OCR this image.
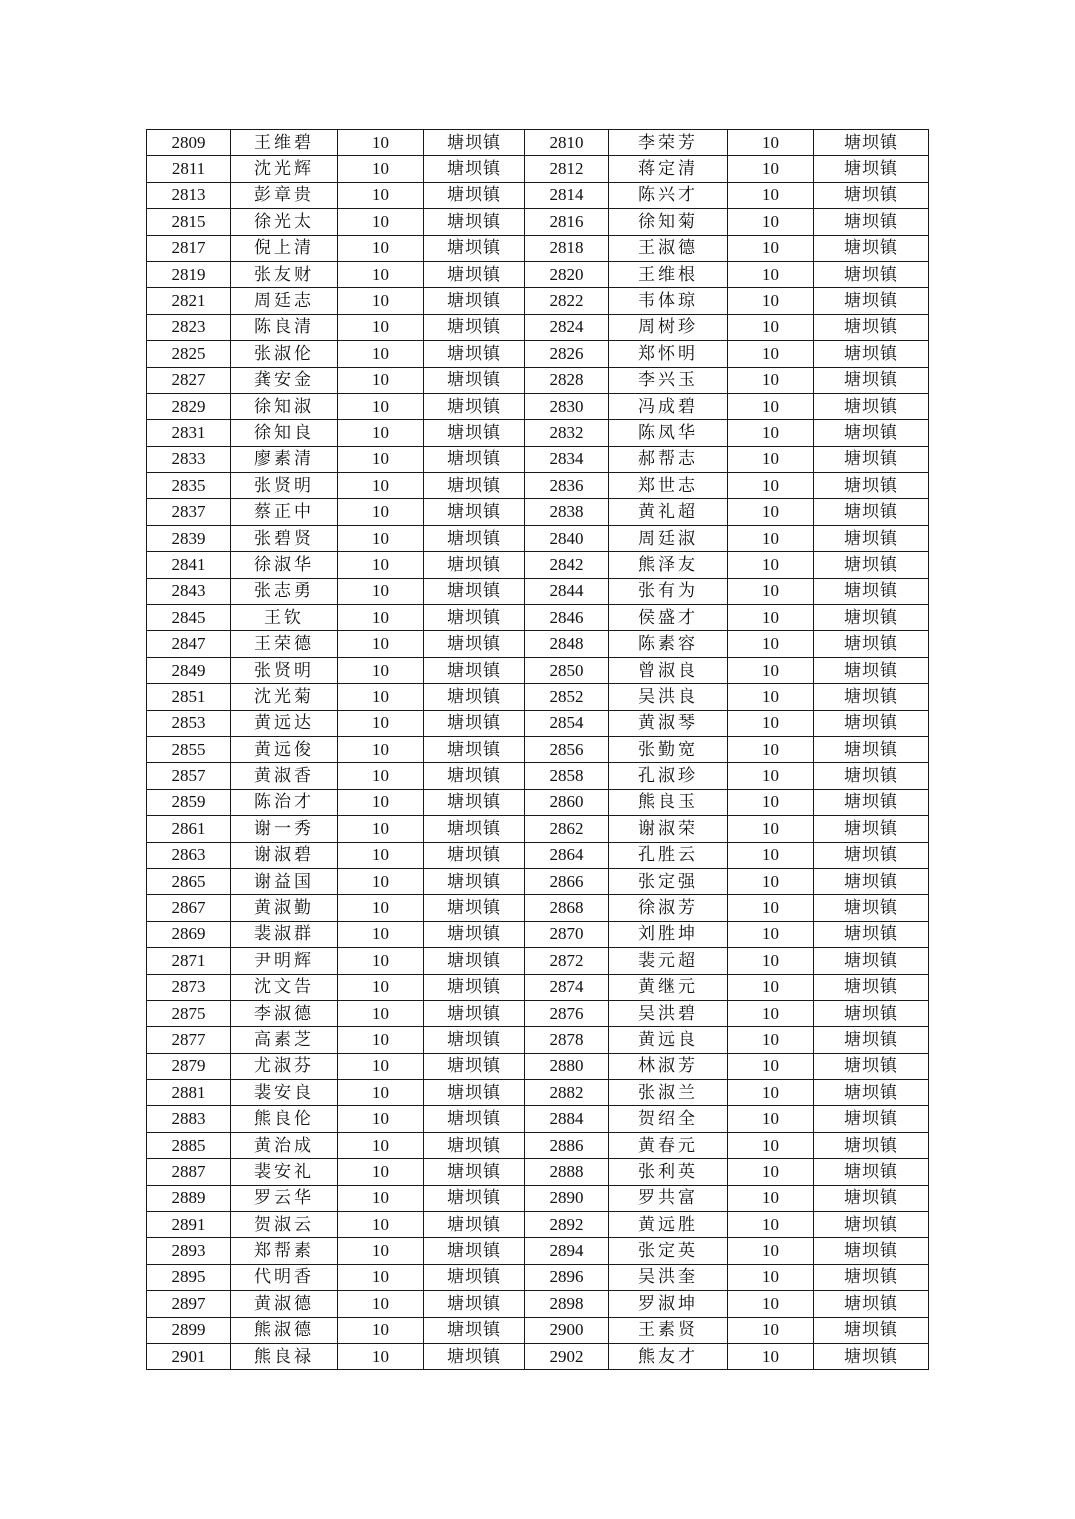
2809	王维碧	10	塘坝镇	2810	李荣芳	10	塘坝镇
2811	沈光辉	10	塘坝镇	2812	蒋定清	10	塘坝镇
2813	彭章贵	10	塘坝镇	2814	陈兴才	10	塘坝镇
2815	徐光太	10	塘坝镇	2816	徐知菊	10	塘坝镇
2817	倪上清	10	塘坝镇	2818	王淑德	10	塘坝镇
2819	张友财	10	塘坝镇	2820	王维根	10	塘坝镇
2821	周廷志	10	塘坝镇	2822	韦体琼	10	塘坝镇
2823	陈良清	10	塘坝镇	2824	周树珍	10	塘坝镇
2825	张淑伦	10	塘坝镇	2826	郑怀明	10	塘坝镇
2827	龚安金	10	塘坝镇	2828	李兴玉	10	塘坝镇
2829	徐知淑	10	塘坝镇	2830	冯成碧	10	塘坝镇
2831	徐知良	10	塘坝镇	2832	陈凤华	10	塘坝镇
2833	廖素清	10	塘坝镇	2834	郝帮志	10	塘坝镇
2835	张贤明	10	塘坝镇	2836	郑世志	10	塘坝镇
2837	蔡正中	10	塘坝镇	2838	黄礼超	10	塘坝镇
2839	张碧贤	10	塘坝镇	2840	周廷淑	10	塘坝镇
2841	徐淑华	10	塘坝镇	2842	熊泽友	10	塘坝镇
2843	张志勇	10	塘坝镇	2844	张有为	10	塘坝镇
2845	王钦	10	塘坝镇	2846	侯盛才	10	塘坝镇
2847	王荣德	10	塘坝镇	2848	陈素容	10	塘坝镇
2849	张贤明	10	塘坝镇	2850	曾淑良	10	塘坝镇
2851	沈光菊	10	塘坝镇	2852	吴洪良	10	塘坝镇
2853	黄远达	10	塘坝镇	2854	黄淑琴	10	塘坝镇
2855	黄远俊	10	塘坝镇	2856	张勤宽	10	塘坝镇
2857	黄淑香	10	塘坝镇	2858	孔淑珍	10	塘坝镇
2859	陈治才	10	塘坝镇	2860	熊良玉	10	塘坝镇
2861	谢一秀	10	塘坝镇	2862	谢淑荣	10	塘坝镇
2863	谢淑碧	10	塘坝镇	2864	孔胜云	10	塘坝镇
2865	谢益国	10	塘坝镇	2866	张定强	10	塘坝镇
2867	黄淑勤	10	塘坝镇	2868	徐淑芳	10	塘坝镇
2869	裴淑群	10	塘坝镇	2870	刘胜坤	10	塘坝镇
2871	尹明辉	10	塘坝镇	2872	裴元超	10	塘坝镇
2873	沈文告	10	塘坝镇	2874	黄继元	10	塘坝镇
2875	李淑德	10	塘坝镇	2876	吴洪碧	10	塘坝镇
2877	高素芝	10	塘坝镇	2878	黄远良	10	塘坝镇
2879	尤淑芬	10	塘坝镇	2880	林淑芳	10	塘坝镇
2881	裴安良	10	塘坝镇	2882	张淑兰	10	塘坝镇
2883	熊良伦	10	塘坝镇	2884	贺绍全	10	塘坝镇
2885	黄治成	10	塘坝镇	2886	黄春元	10	塘坝镇
2887	裴安礼	10	塘坝镇	2888	张利英	10	塘坝镇
2889	罗云华	10	塘坝镇	2890	罗共富	10	塘坝镇
2891	贺淑云	10	塘坝镇	2892	黄远胜	10	塘坝镇
2893	郑帮素	10	塘坝镇	2894	张定英	10	塘坝镇
2895	代明香	10	塘坝镇	2896	吴洪奎	10	塘坝镇
2897	黄淑德	10	塘坝镇	2898	罗淑坤	10	塘坝镇
2899	熊淑德	10	塘坝镇	2900	王素贤	10	塘坝镇
2901	熊良禄	10	塘坝镇	2902	熊友才	10	塘坝镇
